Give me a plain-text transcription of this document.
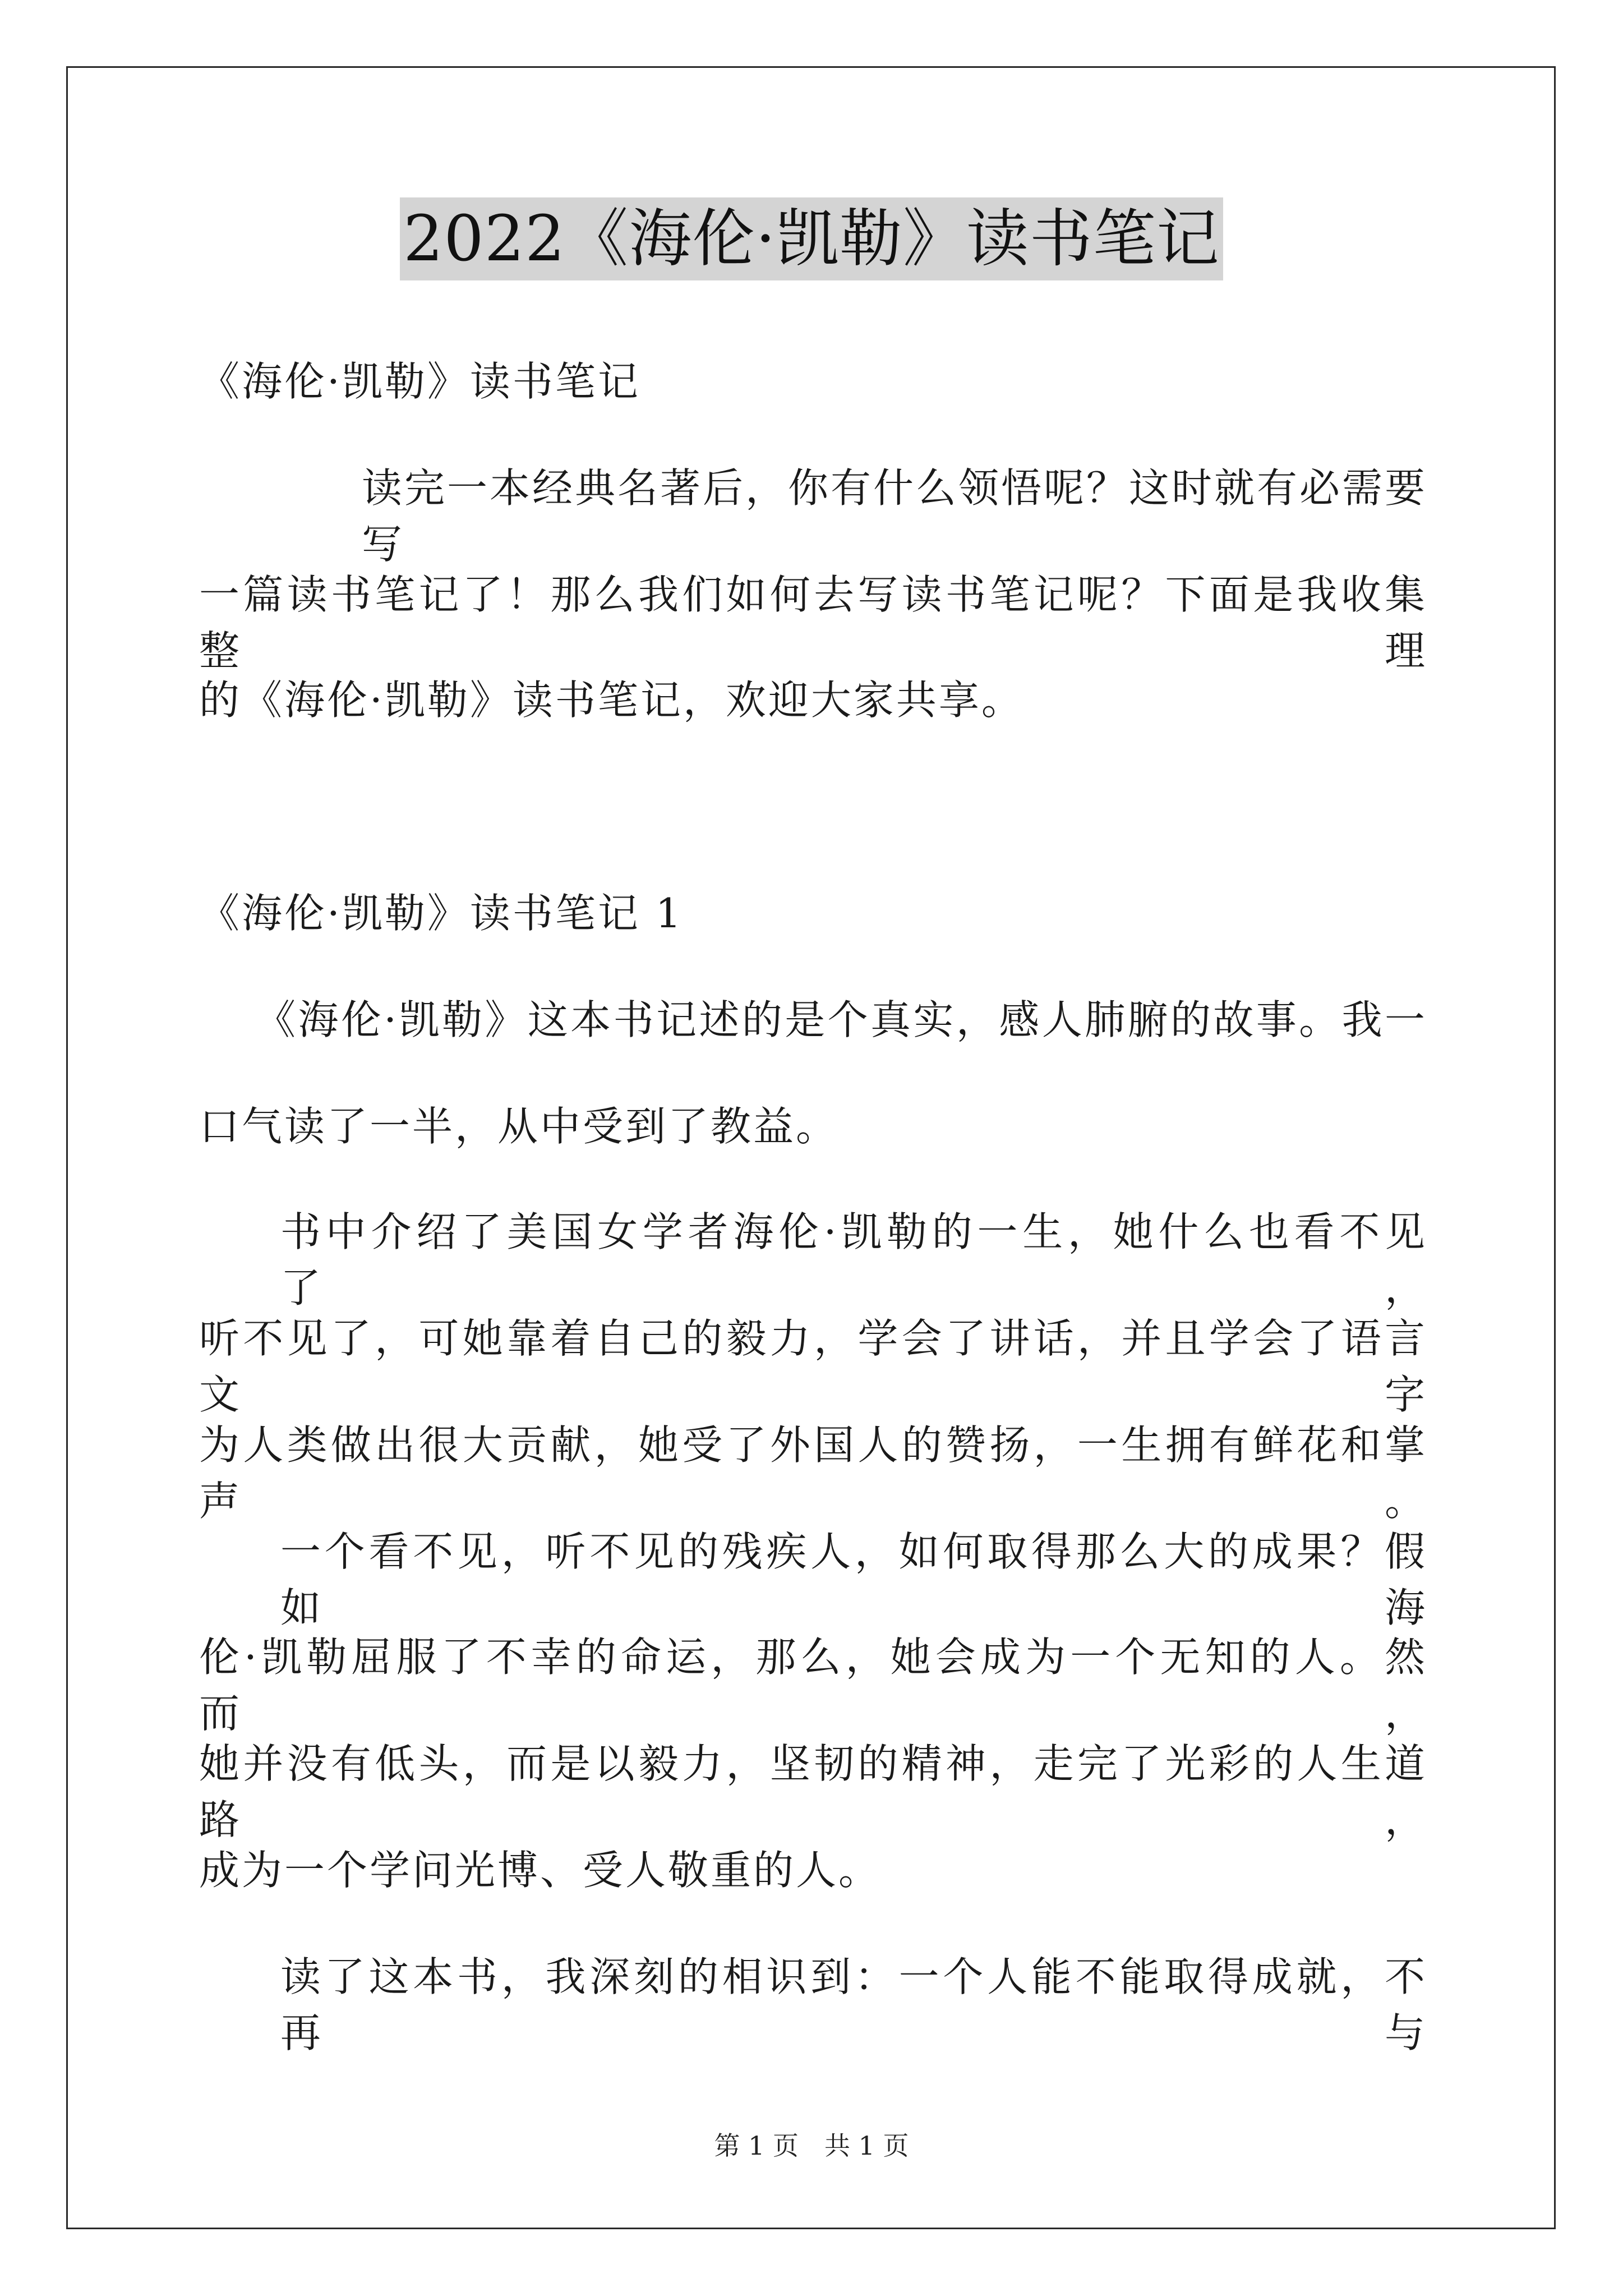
2022《海伦·凯勒》读书笔记
《海伦·凯勒》读书笔记
读完一本经典名著后，你有什么领悟呢？这时就有必需要写
一篇读书笔记了！那么我们如何去写读书笔记呢？下面是我收集整理
的《海伦·凯勒》读书笔记，欢迎大家共享。
《海伦·凯勒》读书笔记 1
《海伦·凯勒》这本书记述的是个真实，感人肺腑的故事。我一
口气读了一半，从中受到了教益。
书中介绍了美国女学者海伦·凯勒的一生，她什么也看不见了，
听不见了，可她靠着自己的毅力，学会了讲话，并且学会了语言文字
为人类做出很大贡献，她受了外国人的赞扬，一生拥有鲜花和掌声。
一个看不见，听不见的残疾人，如何取得那么大的成果？假如海
伦·凯勒屈服了不幸的命运，那么，她会成为一个无知的人。然而，
她并没有低头，而是以毅力，坚韧的精神，走完了光彩的人生道路，
成为一个学问光博、受人敬重的人。
读了这本书，我深刻的相识到：一个人能不能取得成就，不再与
第 1 页　共 1 页
